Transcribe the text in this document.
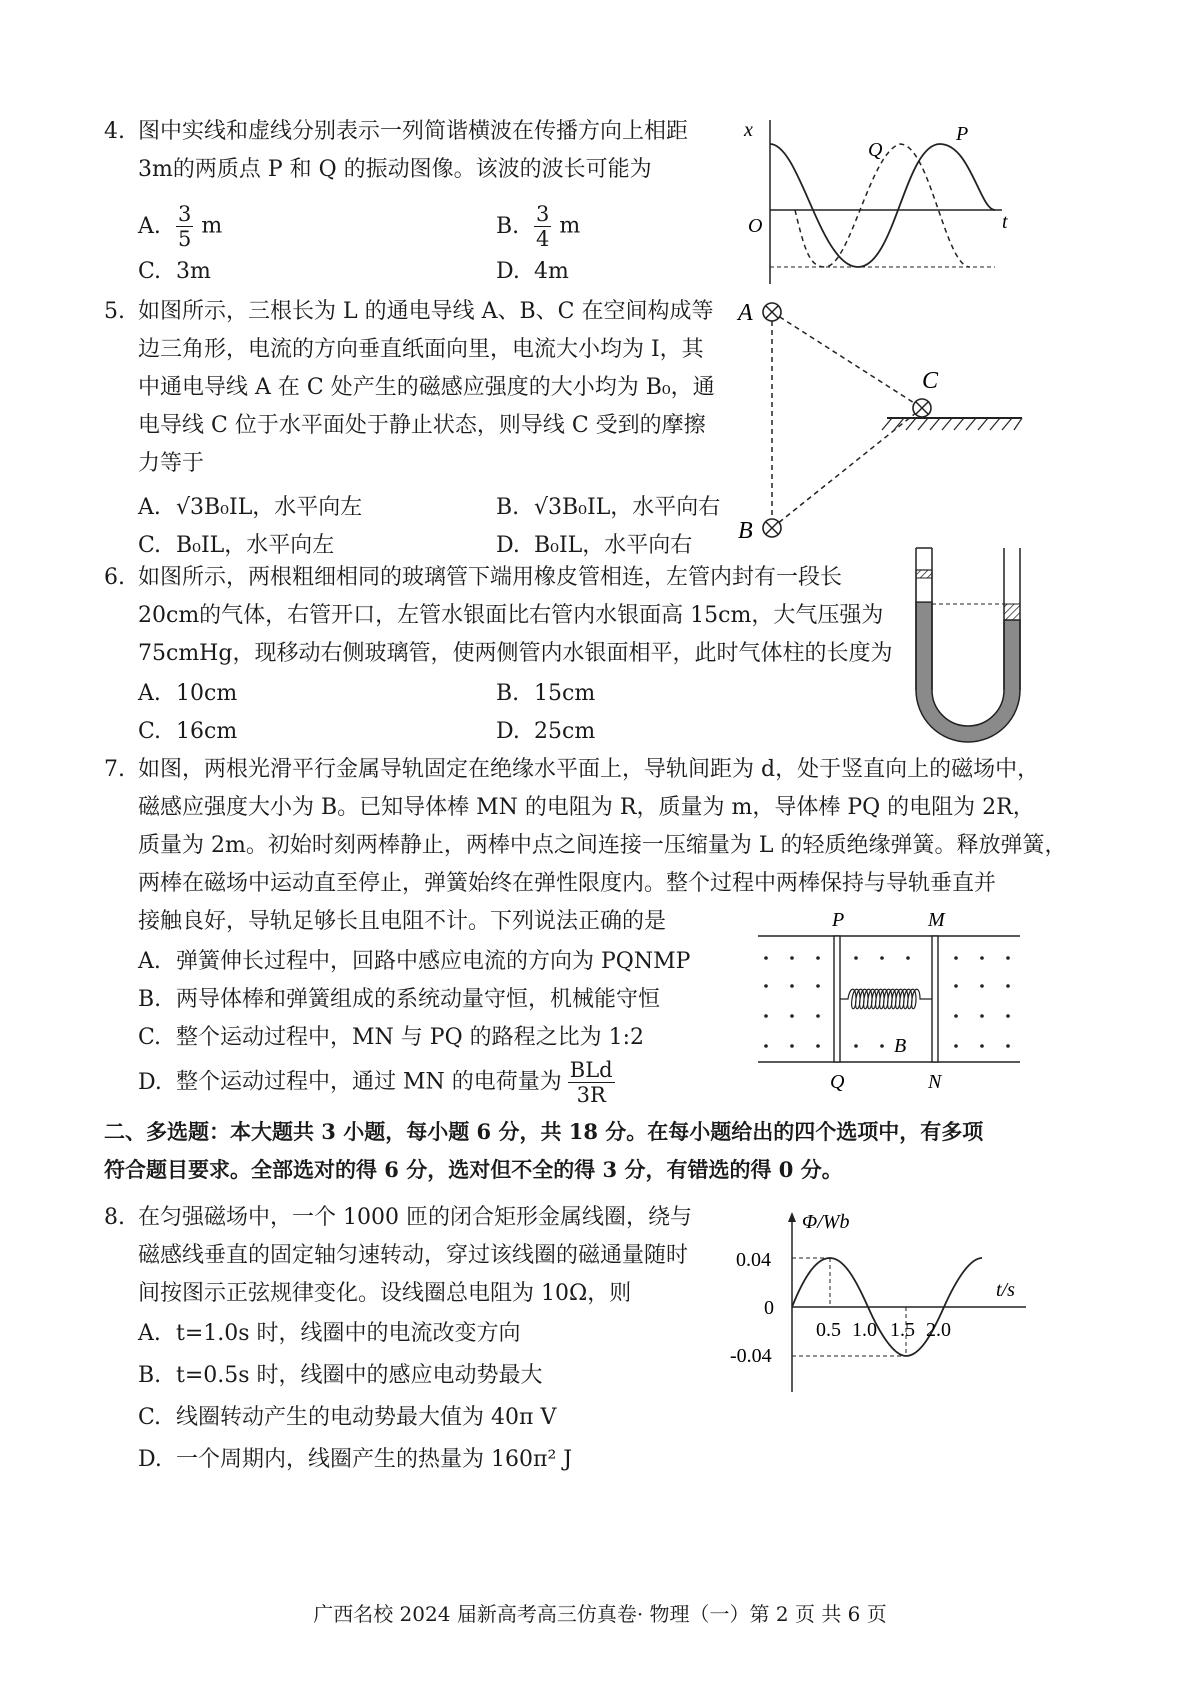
4. 图中实线和虚线分别表示一列简谐横波在传播方向上相距
3m的两质点 P 和 Q 的振动图像。该波的波长可能为
A. $\frac{3}{5}$ m	B. $\frac{3}{4}$ m
C. 3m	D. 4m
x
O	t
Q
P
5. 如图所示，三根长为 L 的通电导线 A、B、C 在空间构成等
边三角形，电流的方向垂直纸面向里，电流大小均为 I，其
中通电导线 A 在 C 处产生的磁感应强度的大小均为 B₀，通
电导线 C 位于水平面处于静止状态，则导线 C 受到的摩擦
力等于
A. √3B₀IL，水平向左	B. √3B₀IL，水平向右
C. B₀IL，水平向左	D. B₀IL，水平向右
A
B
C
6. 如图所示，两根粗细相同的玻璃管下端用橡皮管相连，左管内封有一段长
20cm的气体，右管开口，左管水银面比右管内水银面高 15cm，大气压强为
75cmHg，现移动右侧玻璃管，使两侧管内水银面相平，此时气体柱的长度为
A. 10cm	B. 15cm
C. 16cm	D. 25cm
7. 如图，两根光滑平行金属导轨固定在绝缘水平面上，导轨间距为 d，处于竖直向上的磁场中，
磁感应强度大小为 B。已知导体棒 MN 的电阻为 R，质量为 m，导体棒 PQ 的电阻为 2R，
质量为 2m。初始时刻两棒静止，两棒中点之间连接一压缩量为 L 的轻质绝缘弹簧。释放弹簧，
两棒在磁场中运动直至停止，弹簧始终在弹性限度内。整个过程中两棒保持与导轨垂直并
接触良好，导轨足够长且电阻不计。下列说法正确的是
A. 弹簧伸长过程中，回路中感应电流的方向为 PQNMP
B. 两导体棒和弹簧组成的系统动量守恒，机械能守恒
C. 整个运动过程中，MN 与 PQ 的路程之比为 1:2
D. 整个运动过程中，通过 MN 的电荷量为 $\frac{\text{BLd}}{3R}$
P	M
Q	N
B
二、多选题：本大题共 3 小题，每小题 6 分，共 18 分。在每小题给出的四个选项中，有多项
符合题目要求。全部选对的得 6 分，选对但不全的得 3 分，有错选的得 0 分。
8. 在匀强磁场中，一个 1000 匝的闭合矩形金属线圈，绕与
磁感线垂直的固定轴匀速转动，穿过该线圈的磁通量随时
间按图示正弦规律变化。设线圈总电阻为 10Ω，则
A. t=1.0s 时，线圈中的电流改变方向
B. t=0.5s 时，线圈中的感应电动势最大
C. 线圈转动产生的电动势最大值为 40π V
D. 一个周期内，线圈产生的热量为 160π² J
Φ/Wb
t/s
0.04
0
-0.04
0.5 1.0 1.5 2.0
广西名校 2024 届新高考高三仿真卷· 物理（一）第 2 页 共 6 页
